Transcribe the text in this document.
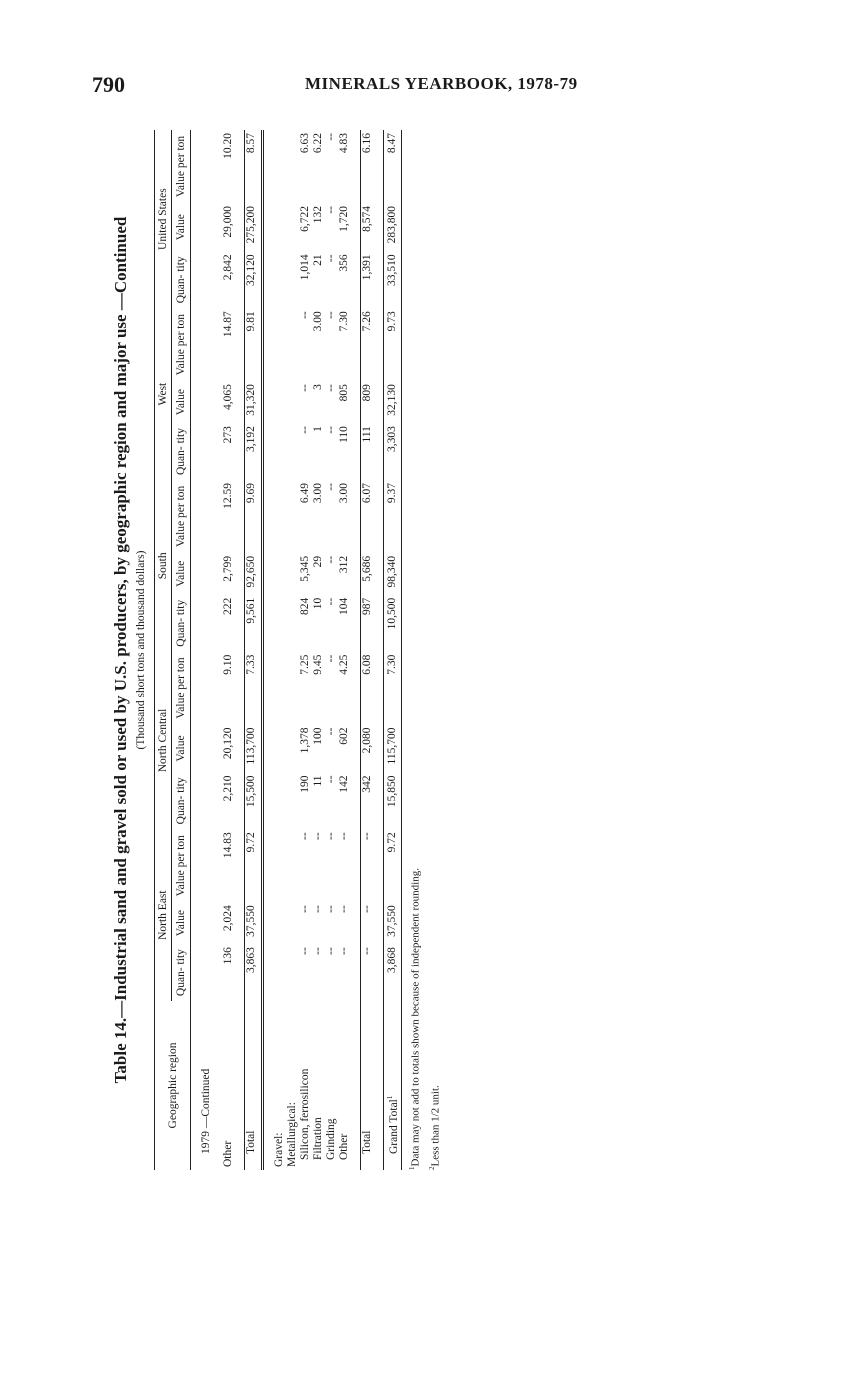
790	MINERALS YEARBOOK, 1978-79

Table 14.—Industrial sand and gravel sold or used by U.S. producers, by geographic region and major use —Continued (Thousand short tons and thousand dollars)

Geographic region	North East			North Central			South			West			United States		
	Quan- tity	Value	Value per ton	Quan- tity	Value	Value per ton	Quan- tity	Value	Value per ton	Quan- tity	Value	Value per ton	Quan- tity	Value	Value per ton

1979 —Continued															

Other	136	2,024	14.83	2,210	20,120	9.10	222	2,799	12.59	273	4,065	14.87	2,842	29,000	10.20

Total	3,863	37,550	9.72	15,500	113,700	7.33	9,561	92,650	9.69	3,192	31,320	9.81	32,120	275,200	8.57

Gravel:															
Metallurgical:															
Silicon, ferrosilicon	--	--	--	190	1,378	7.25	824	5,345	6.49	--	--	--	1,014	6,722	6.63
Filtration	--	--	--	11	100	9.45	10	29	3.00	1	3	3.00	21	132	6.22
Grinding	--	--	--	--	--	--	--	--	--	--	--	--	--	--	--
Other	--	--	--	142	602	4.25	104	312	3.00	110	805	7.30	356	1,720	4.83

Total	--	--	--	342	2,080	6.08	987	5,686	6.07	111	809	7.26	1,391	8,574	6.16

Grand Total$^1$	3,868	37,550	9.72	15,850	115,700	7.30	10,500	98,340	9.37	3,303	32,130	9.73	33,510	283,800	8.47
$^1$Data may not add to totals shown because of independent rounding.
$^2$Less than 1/2 unit.
